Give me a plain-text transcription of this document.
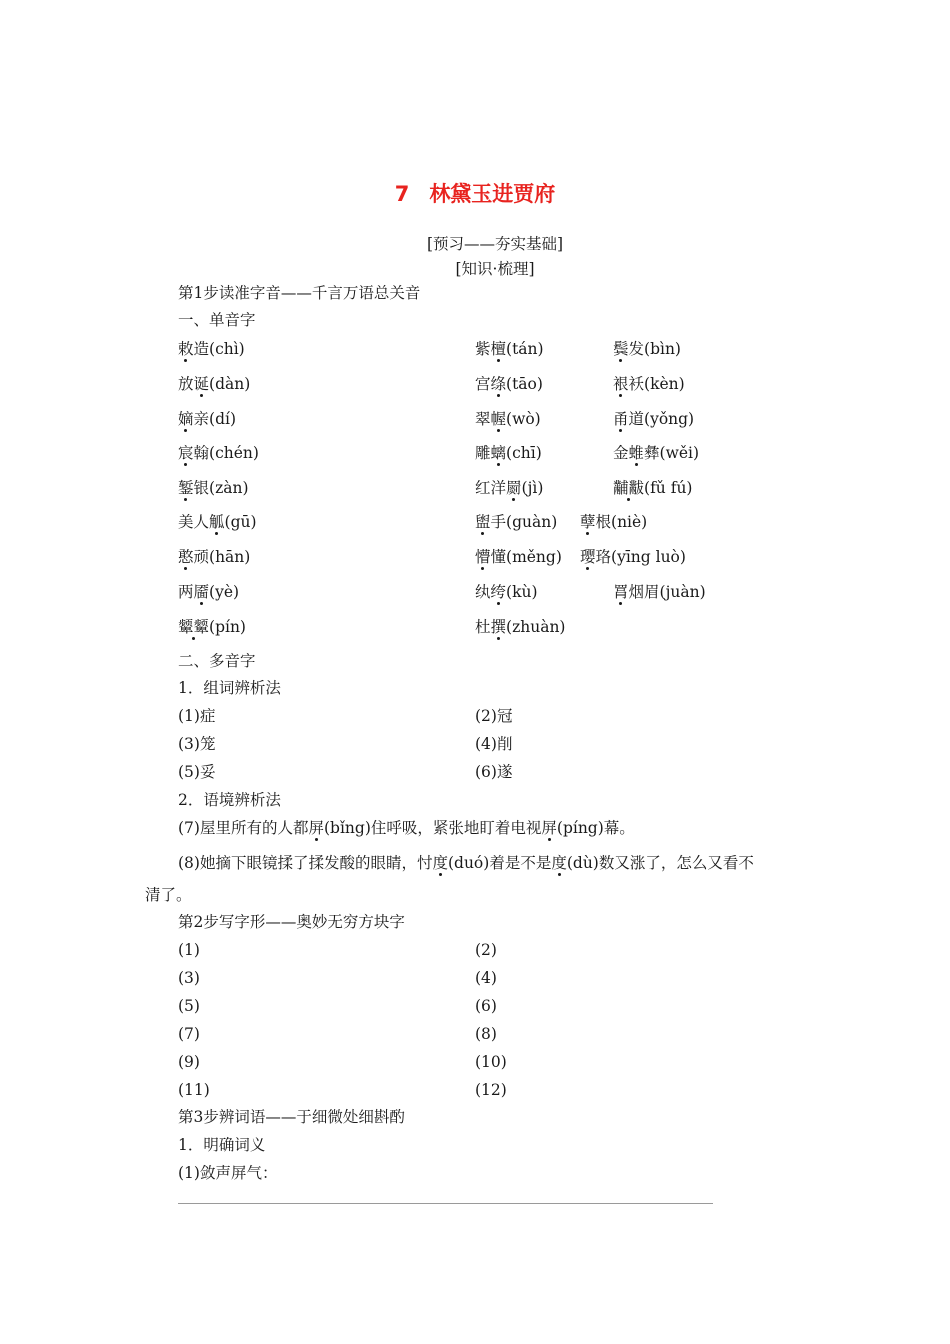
7 林黛玉进贾府
[预习——夯实基础]
[知识·梳理]
第1步读准字音——千言万语总关音
一、单音字
敕造(chì)	紫檀(tán)	鬓发(bìn)
放诞(dàn)	宫绦(tāo)	裉袄(kèn)
嫡亲(dí)	翠幄(wò)	甬道(yǒng)
宸翰(chén)	雕螭(chī)	金蜼彝(wěi)
錾银(zàn)	红洋罽(jì)	黼黻(fǔ fú)
美人觚(gū)	盥手(guàn) 孽根(niè)
憨顽(hān)	懵懂(měng) 璎珞(yīng luò)
两靥(yè)	纨绔(kù)	罥烟眉(juàn)
颦颦(pín)	杜撰(zhuàn)
二、多音字
1．组词辨析法
(1)症	(2)冠
(3)笼	(4)削
(5)妥	(6)遂
2．语境辨析法
(7)屋里所有的人都屏(bǐng)住呼吸，紧张地盯着电视屏(píng)幕。
(8)她摘下眼镜揉了揉发酸的眼睛，忖度(duó)着是不是度(dù)数又涨了，怎么又看不
清了。
第2步写字形——奥妙无穷方块字
(1)	(2)
(3)	(4)
(5)	(6)
(7)	(8)
(9)	(10)
(11)	(12)
第3步辨词语——于细微处细斟酌
1．明确词义
(1)敛声屏气：
